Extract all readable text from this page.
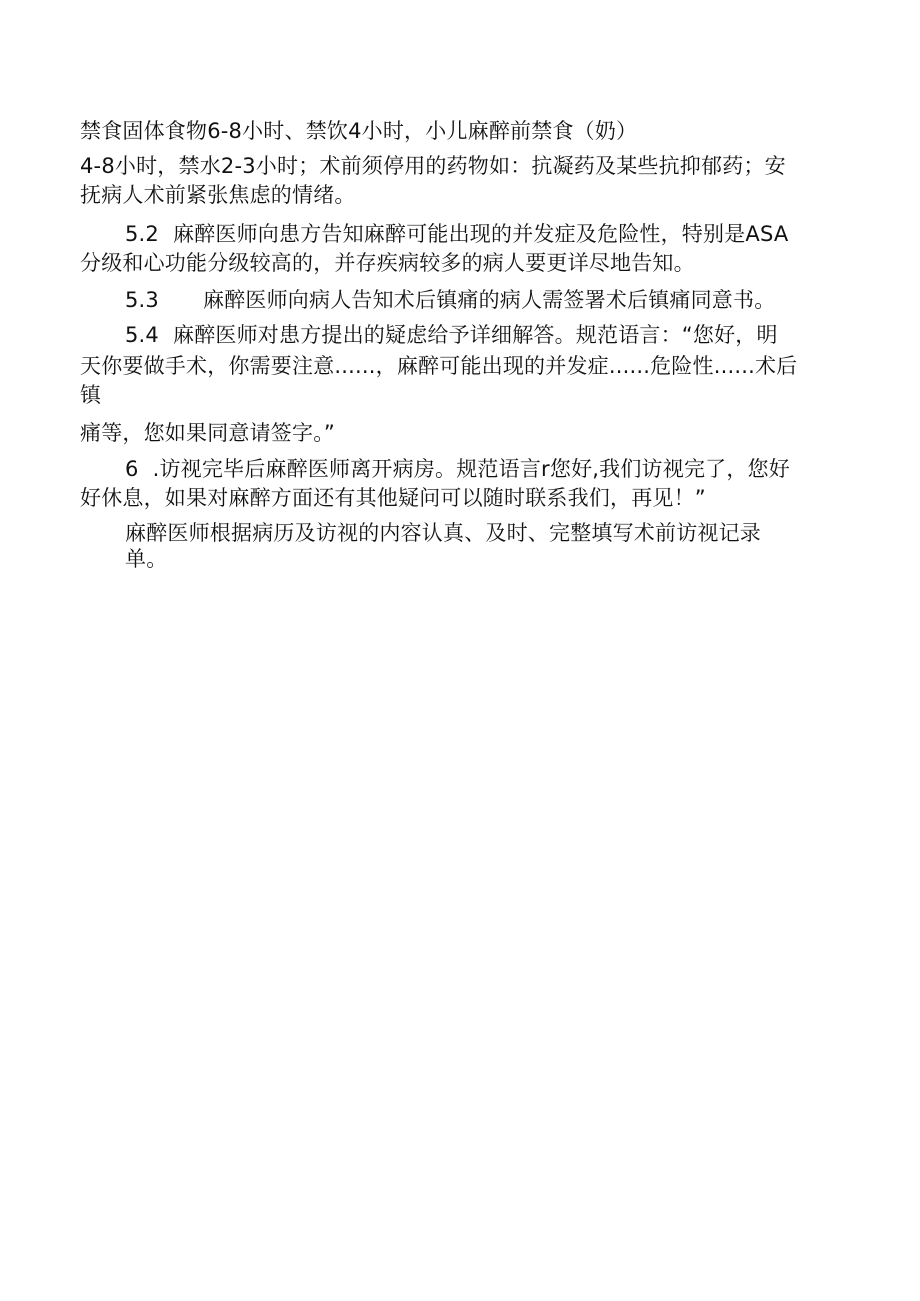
禁食固体食物6-8小时、禁饮4小时，小儿麻醉前禁食（奶）
4-8小时，禁水2-3小时；术前须停用的药物如：抗凝药及某些抗抑郁药；安
抚病人术前紧张焦虑的情绪。
5.2 麻醉医师向患方告知麻醉可能出现的并发症及危险性，特别是ASA
分级和心功能分级较高的，并存疾病较多的病人要更详尽地告知。
5.3 麻醉医师向病人告知术后镇痛的病人需签署术后镇痛同意书。
5.4 麻醉医师对患方提出的疑虑给予详细解答。规范语言：“您好，明
天你要做手术，你需要注意......，麻醉可能出现的并发症......危险性......术后
镇
痛等，您如果同意请签字。”
6 .访视完毕后麻醉医师离开病房。规范语言r您好,我们访视完了，您好
好休息，如果对麻醉方面还有其他疑问可以随时联系我们，再见！”
麻醉医师根据病历及访视的内容认真、及时、完整填写术前访视记录
单。
